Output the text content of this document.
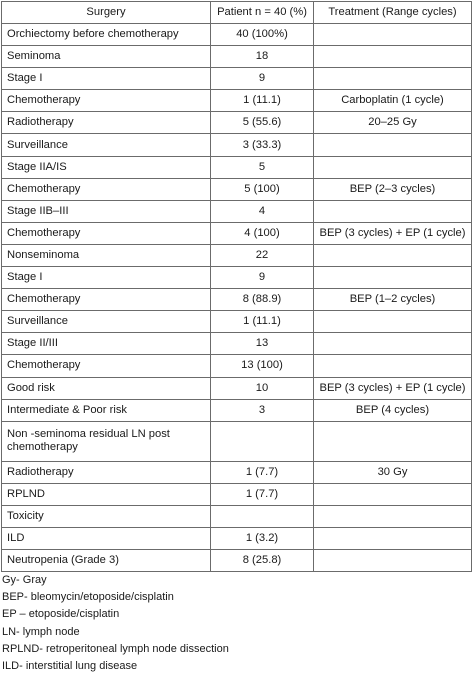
Surgery	Patient n = 40 (%)	Treatment (Range cycles)
Orchiectomy before chemotherapy	40 (100%)	
Seminoma	18	
Stage I	9	
Chemotherapy	1 (11.1)	Carboplatin (1 cycle)
Radiotherapy	5 (55.6)	20–25 Gy
Surveillance	3 (33.3)	
Stage IIA/IS	5	
Chemotherapy	5 (100)	BEP (2–3 cycles)
Stage IIB–III	4	
Chemotherapy	4 (100)	BEP (3 cycles) + EP (1 cycle)
Nonseminoma	22	
Stage I	9	
Chemotherapy	8 (88.9)	BEP (1–2 cycles)
Surveillance	1 (11.1)	
Stage II/III	13	
Chemotherapy	13 (100)	
Good risk	10	BEP (3 cycles) + EP (1 cycle)
Intermediate & Poor risk	3	BEP (4 cycles)
Non -seminoma residual LN post chemotherapy		
Radiotherapy	1 (7.7)	30 Gy
RPLND	1 (7.7)	
Toxicity		
ILD	1 (3.2)	
Neutropenia (Grade 3)	8 (25.8)	
Gy- Gray
BEP- bleomycin/etoposide/cisplatin
EP – etoposide/cisplatin
LN- lymph node
RPLND- retroperitoneal lymph node dissection
ILD- interstitial lung disease
